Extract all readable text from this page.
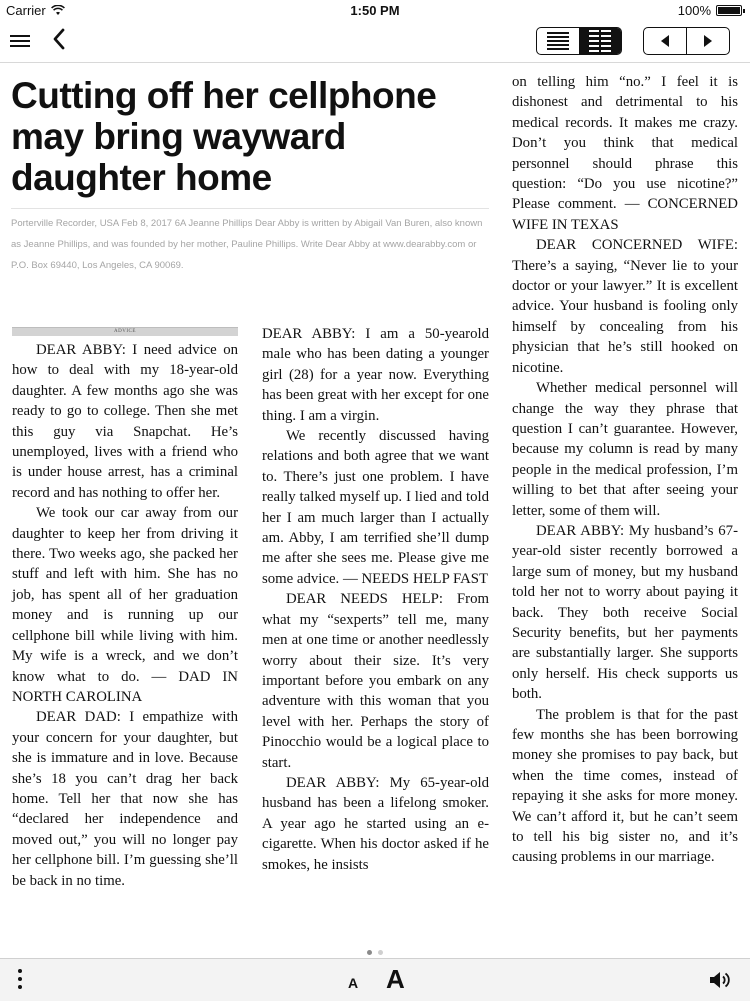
Carrier	1:50 PM	100%
Cutting off her cellphone may bring wayward daughter home
Porterville Recorder, USA Feb 8, 2017 6A Jeanne Phillips Dear Abby is written by Abigail Van Buren, also known as Jeanne Phillips, and was founded by her mother, Pauline Phillips. Write Dear Abby at www.dearabby.com or P.O. Box 69440, Los Angeles, CA 90069.
ADVICE

DEAR ABBY: I need advice on how to deal with my 18-year-old daughter. A few months ago she was ready to go to college. Then she met this guy via Snapchat. He’s unemployed, lives with a friend who is under house arrest, has a criminal record and has nothing to offer her.

We took our car away from our daughter to keep her from driving it there. Two weeks ago, she packed her stuff and left with him. She has no job, has spent all of her graduation money and is running up our cellphone bill while living with him. My wife is a wreck, and we don’t know what to do. — DAD IN NORTH CAROLINA

DEAR DAD: I empathize with your concern for your daughter, but she is immature and in love. Because she’s 18 you can’t drag her back home. Tell her that now she has “declared her independence and moved out,” you will no longer pay her cellphone bill. I’m guessing she’ll be back in no time.

DEAR ABBY: I am a 50-yearold male who has been dating a younger girl (28) for a year now. Everything has been great with her except for one thing. I am a virgin.

We recently discussed having relations and both agree that we want to. There’s just one problem. I have really talked myself up. I lied and told her I am much larger than I actually am. Abby, I am terrified she’ll dump me after she sees me. Please give me some advice. — NEEDS HELP FAST

DEAR NEEDS HELP: From what my “sexperts” tell me, many men at one time or another needlessly worry about their size. It’s very important before you embark on any adventure with this woman that you level with her. Perhaps the story of Pinocchio would be a logical place to start.

DEAR ABBY: My 65-year-old husband has been a lifelong smoker. A year ago he started using an e-cigarette. When his doctor asked if he smokes, he insists

on telling him “no.” I feel it is dishonest and detrimental to his medical records. It makes me crazy. Don’t you think that medical personnel should phrase this question: “Do you use nicotine?” Please comment. — CONCERNED WIFE IN TEXAS

DEAR CONCERNED WIFE: There’s a saying, “Never lie to your doctor or your lawyer.” It is excellent advice. Your husband is fooling only himself by concealing from his physician that he’s still hooked on nicotine.

Whether medical personnel will change the way they phrase that question I can’t guarantee. However, because my column is read by many people in the medical profession, I’m willing to bet that after seeing your letter, some of them will.

DEAR ABBY: My husband’s 67-year-old sister recently borrowed a large sum of money, but my husband told her not to worry about paying it back. They both receive Social Security benefits, but her payments are substantially larger. She supports only herself. His check supports us both.

The problem is that for the past few months she has been borrowing money she promises to pay back, but when the time comes, instead of repaying it she asks for more money. We can’t afford it, but he can’t seem to tell his big sister no, and it’s causing problems in our marriage.

A A
